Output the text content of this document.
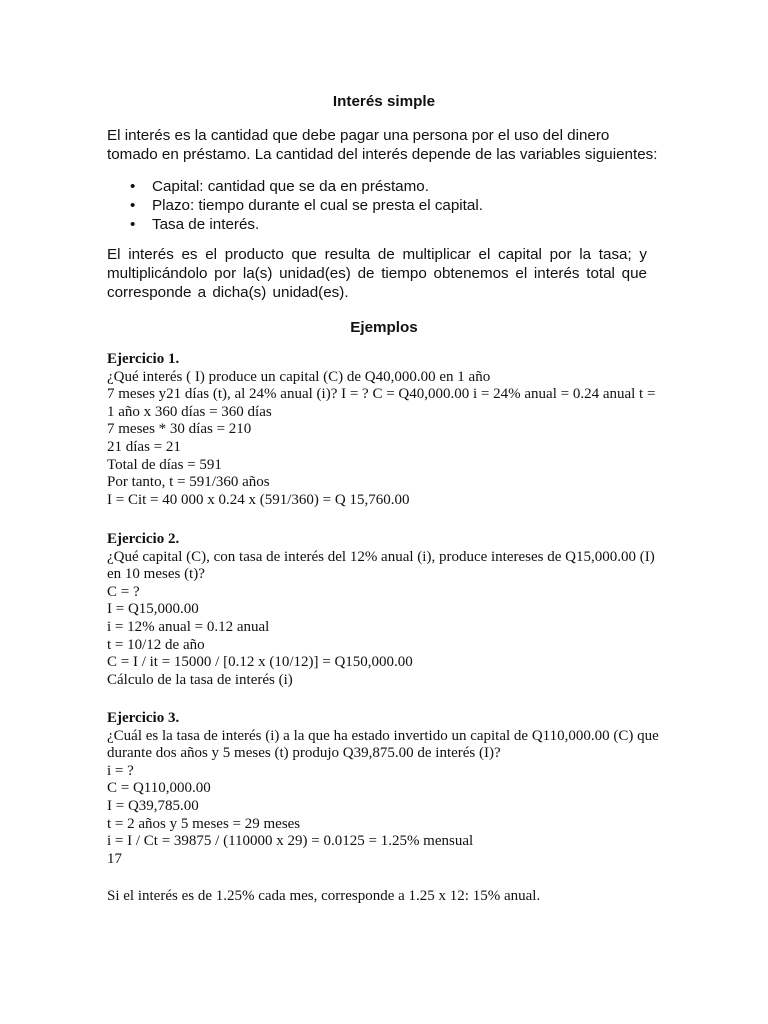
Interés simple

El interés es la cantidad que debe pagar una persona por el uso del dinero tomado en préstamo. La cantidad del interés depende de las variables siguientes:

• Capital: cantidad que se da en préstamo.
• Plazo: tiempo durante el cual se presta el capital.
• Tasa de interés.

El interés es el producto que resulta de multiplicar el capital por la tasa; y multiplicándolo por la(s) unidad(es) de tiempo obtenemos el interés total que corresponde a dicha(s) unidad(es).

Ejemplos
Ejercicio 1.
¿Qué interés ( I) produce un capital (C) de Q40,000.00 en 1 año
7 meses y21 días (t), al 24% anual (i)? I = ? C = Q40,000.00 i = 24% anual = 0.24 anual t =
1 año x 360 días = 360 días
7 meses * 30 días = 210
21 días = 21
Total de días = 591
Por tanto, t = 591/360 años
I = Cit = 40 000 x 0.24 x (591/360) = Q 15,760.00
Ejercicio 2.
¿Qué capital (C), con tasa de interés del 12% anual (i), produce intereses de Q15,000.00 (I)
en 10 meses (t)?
C = ?
I = Q15,000.00
i = 12% anual = 0.12 anual
t = 10/12 de año
C = I / it = 15000 / [0.12 x (10/12)] = Q150,000.00
Cálculo de la tasa de interés (i)
Ejercicio 3.
¿Cuál es la tasa de interés (i) a la que ha estado invertido un capital de Q110,000.00 (C) que
durante dos años y 5 meses (t) produjo Q39,875.00 de interés (I)?
i = ?
C = Q110,000.00
I = Q39,785.00
t = 2 años y 5 meses = 29 meses
i = I / Ct = 39875 / (110000 x 29) = 0.0125 = 1.25% mensual
17

Si el interés es de 1.25% cada mes, corresponde a 1.25 x 12: 15% anual.
